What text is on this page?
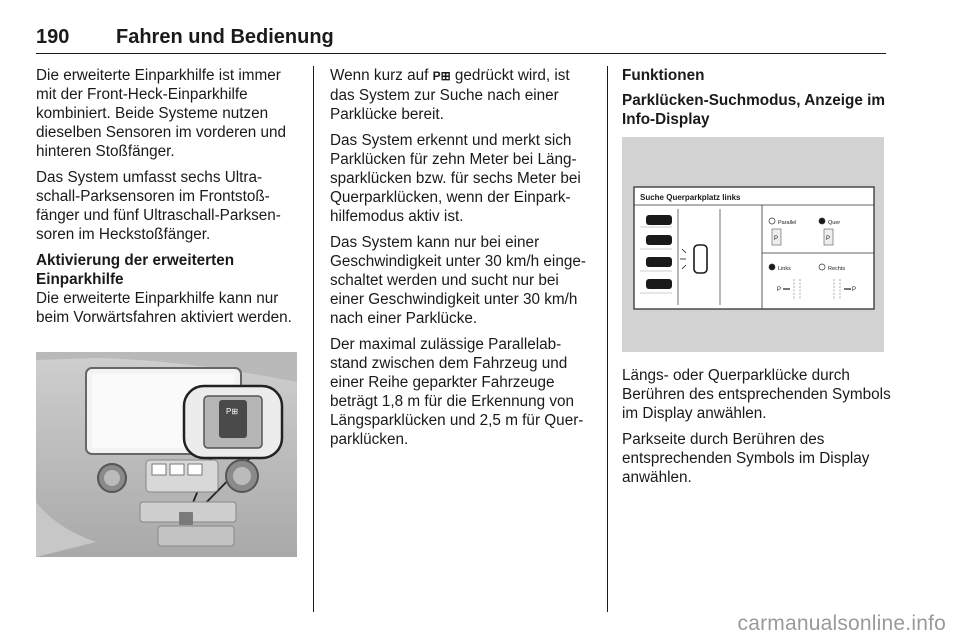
190 Fahren und Bedienung

Die erweiterte Einparkhilfe ist immer mit der Front-Heck-Einparkhilfe kombiniert. Beide Systeme nutzen dieselben Sensoren im vorderen und hinteren Stoßfänger.

Das System umfasst sechs Ultra-schall-Parksensoren im Frontstoß-fänger und fünf Ultraschall-Parksen-soren im Heckstoßfänger.

Aktivierung der erweiterten Einparkhilfe

Die erweiterte Einparkhilfe kann nur beim Vorwärtsfahren aktiviert werden.

P⊞

Wenn kurz auf P⊞ gedrückt wird, ist das System zur Suche nach einer Parklücke bereit.

Das System erkennt und merkt sich Parklücken für zehn Meter bei Läng-sparklücken bzw. für sechs Meter bei Querparklücken, wenn der Einpark-hilfemodus aktiv ist.

Das System kann nur bei einer Geschwindigkeit unter 30 km/h einge-schaltet werden und sucht nur bei einer Geschwindigkeit unter 30 km/h nach einer Parklücke.

Der maximal zulässige Parallelab-stand zwischen dem Fahrzeug und einer Reihe geparkter Fahrzeuge beträgt 1,8 m für die Erkennung von Längsparklücken und 2,5 m für Quer-parklücken.

Funktionen
Parklücken-Suchmodus, Anzeige im Info-Display
Suche Querparkplatz links
Parallel	Quer
P	P
Links	Rechts
P	P

Längs- oder Querparklücke durch Berühren des entsprechenden Symbols im Display anwählen.

Parkseite durch Berühren des entsprechenden Symbols im Display anwählen.

carmanualsonline.info
